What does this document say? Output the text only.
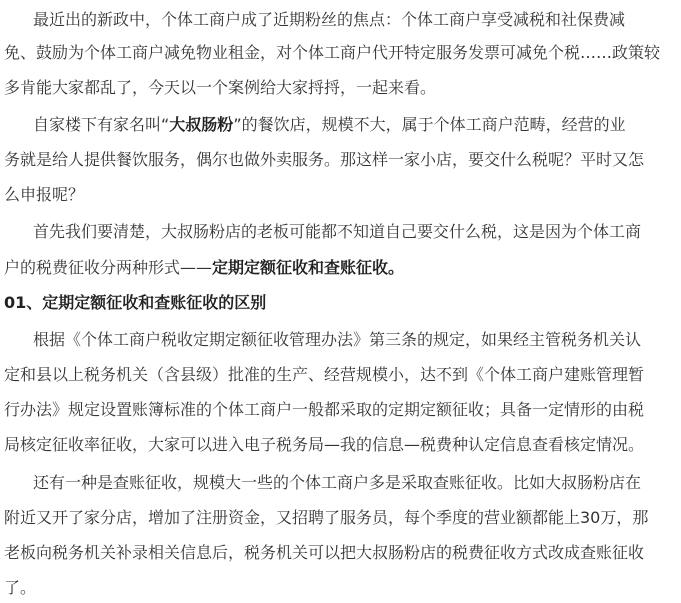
最近出的新政中，个体工商户成了近期粉丝的焦点：个体工商户享受减税和社保费减
免、鼓励为个体工商户减免物业租金，对个体工商户代开特定服务发票可减免个税……政策较
多肯能大家都乱了，今天以一个案例给大家捋捋，一起来看。
自家楼下有家名叫“大叔肠粉”的餐饮店，规模不大，属于个体工商户范畴，经营的业
务就是给人提供餐饮服务，偶尔也做外卖服务。那这样一家小店，要交什么税呢？平时又怎
么申报呢？
首先我们要清楚，大叔肠粉店的老板可能都不知道自己要交什么税，这是因为个体工商
户的税费征收分两种形式——定期定额征收和查账征收。
01、定期定额征收和查账征收的区别
根据《个体工商户税收定期定额征收管理办法》第三条的规定，如果经主管税务机关认
定和县以上税务机关（含县级）批准的生产、经营规模小，达不到《个体工商户建账管理暂
行办法》规定设置账簿标准的个体工商户一般都采取的定期定额征收；具备一定情形的由税
局核定征收率征收，大家可以进入电子税务局—我的信息—税费种认定信息查看核定情况。
还有一种是查账征收，规模大一些的个体工商户多是采取查账征收。比如大叔肠粉店在
附近又开了家分店，增加了注册资金，又招聘了服务员，每个季度的营业额都能上30万，那
老板向税务机关补录相关信息后，税务机关可以把大叔肠粉店的税费征收方式改成查账征收
了。
